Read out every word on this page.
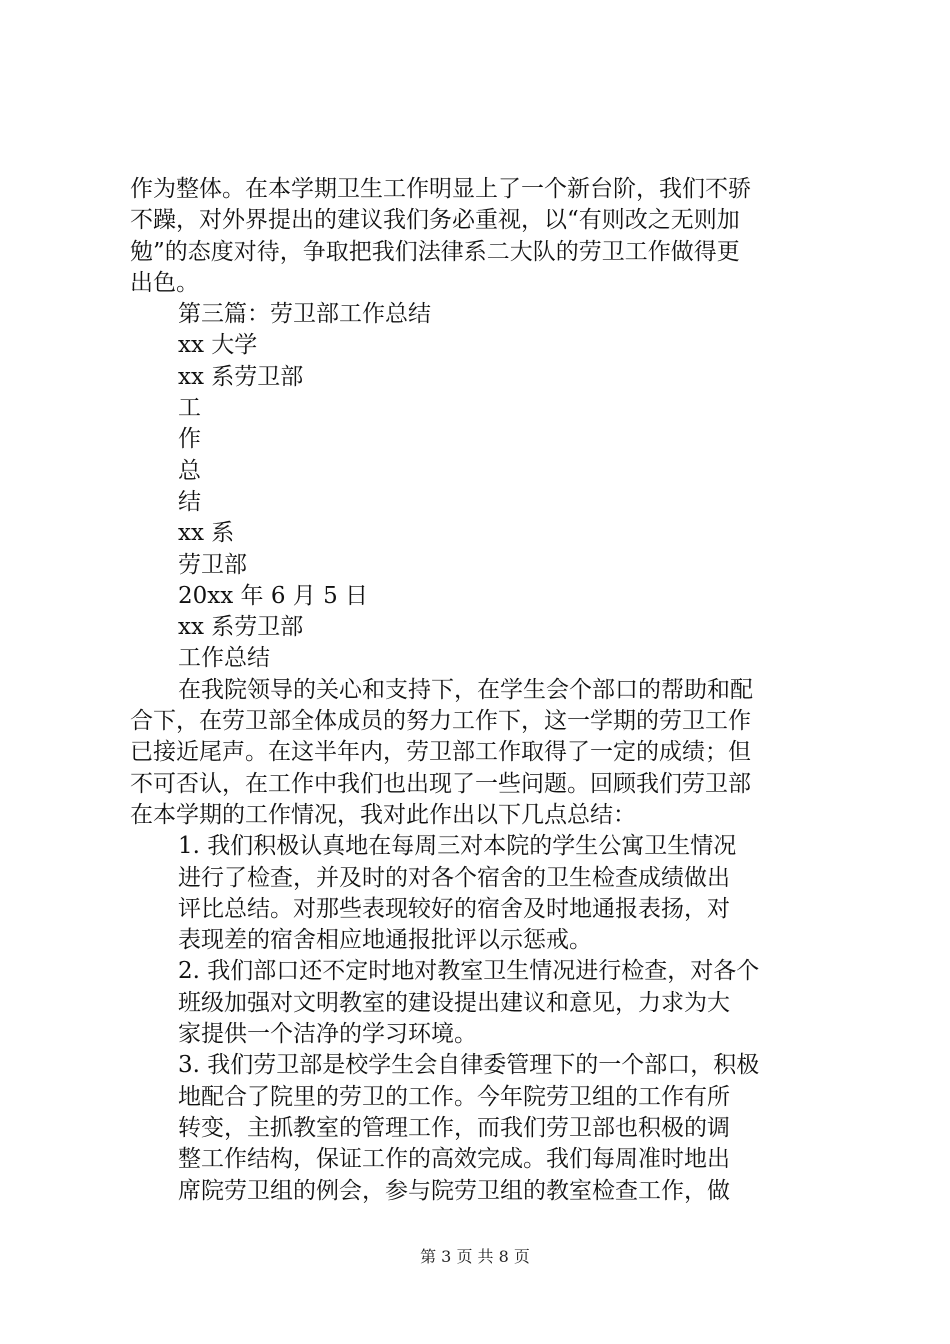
作为整体。在本学期卫生工作明显上了一个新台阶，我们不骄
不躁，对外界提出的建议我们务必重视，以“有则改之无则加
勉”的态度对待，争取把我们法律系二大队的劳卫工作做得更
出色。
第三篇：劳卫部工作总结
xx 大学
xx 系劳卫部
工
作
总
结
xx 系
劳卫部
20xx 年 6 月 5 日
xx 系劳卫部
工作总结
在我院领导的关心和支持下，在学生会个部口的帮助和配
合下，在劳卫部全体成员的努力工作下，这一学期的劳卫工作
已接近尾声。在这半年内，劳卫部工作取得了一定的成绩；但
不可否认，在工作中我们也出现了一些问题。回顾我们劳卫部
在本学期的工作情况，我对此作出以下几点总结：
1. 我们积极认真地在每周三对本院的学生公寓卫生情况
进行了检查，并及时的对各个宿舍的卫生检查成绩做出
评比总结。对那些表现较好的宿舍及时地通报表扬，对
表现差的宿舍相应地通报批评以示惩戒。
2. 我们部口还不定时地对教室卫生情况进行检查，对各个
班级加强对文明教室的建设提出建议和意见，力求为大
家提供一个洁净的学习环境。
3. 我们劳卫部是校学生会自律委管理下的一个部口，积极
地配合了院里的劳卫的工作。今年院劳卫组的工作有所
转变，主抓教室的管理工作，而我们劳卫部也积极的调
整工作结构，保证工作的高效完成。我们每周准时地出
席院劳卫组的例会，参与院劳卫组的教室检查工作，做
第 3 页 共 8 页
